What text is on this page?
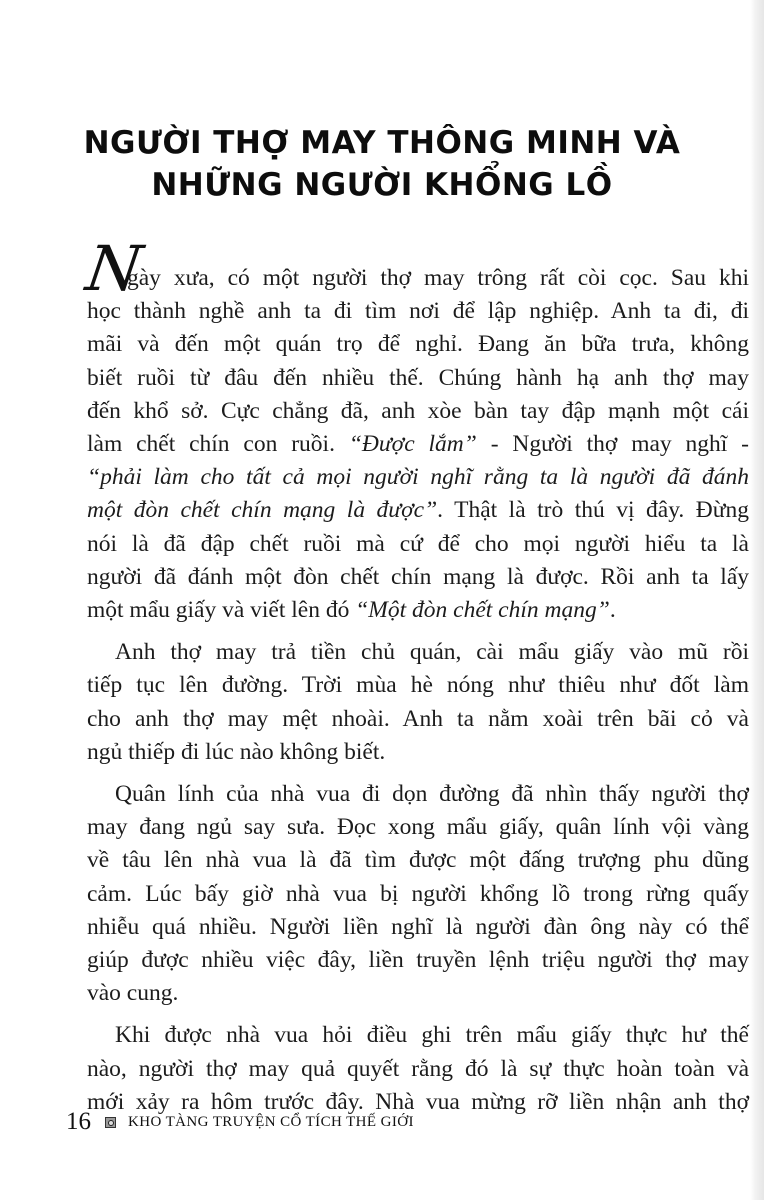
NGƯỜI THỢ MAY THÔNG MINH VÀ
NHỮNG NGƯỜI KHỔNG LỒ
N
gày xưa, có một người thợ may trông rất còi cọc. Sau khi
học thành nghề anh ta đi tìm nơi để lập nghiệp. Anh ta đi, đi
mãi và đến một quán trọ để nghỉ. Đang ăn bữa trưa, không
biết ruồi từ đâu đến nhiều thế. Chúng hành hạ anh thợ may
đến khổ sở. Cực chẳng đã, anh xòe bàn tay đập mạnh một cái
làm chết chín con ruồi. “Được lắm” - Người thợ may nghĩ -
“phải làm cho tất cả mọi người nghĩ rằng ta là người đã đánh
một đòn chết chín mạng là được”. Thật là trò thú vị đây. Đừng
nói là đã đập chết ruồi mà cứ để cho mọi người hiểu ta là
người đã đánh một đòn chết chín mạng là được. Rồi anh ta lấy
một mẩu giấy và viết lên đó “Một đòn chết chín mạng”.
Anh thợ may trả tiền chủ quán, cài mẩu giấy vào mũ rồi
tiếp tục lên đường. Trời mùa hè nóng như thiêu như đốt làm
cho anh thợ may mệt nhoài. Anh ta nằm xoài trên bãi cỏ và
ngủ thiếp đi lúc nào không biết.
Quân lính của nhà vua đi dọn đường đã nhìn thấy người thợ
may đang ngủ say sưa. Đọc xong mẩu giấy, quân lính vội vàng
về tâu lên nhà vua là đã tìm được một đấng trượng phu dũng
cảm. Lúc bấy giờ nhà vua bị người khổng lồ trong rừng quấy
nhiễu quá nhiều. Người liền nghĩ là người đàn ông này có thể
giúp được nhiều việc đây, liền truyền lệnh triệu người thợ may
vào cung.
Khi được nhà vua hỏi điều ghi trên mẩu giấy thực hư thế
nào, người thợ may quả quyết rằng đó là sự thực hoàn toàn và
mới xảy ra hôm trước đây. Nhà vua mừng rỡ liền nhận anh thợ
16 KHO TÀNG TRUYỆN CỔ TÍCH THẾ GIỚI
